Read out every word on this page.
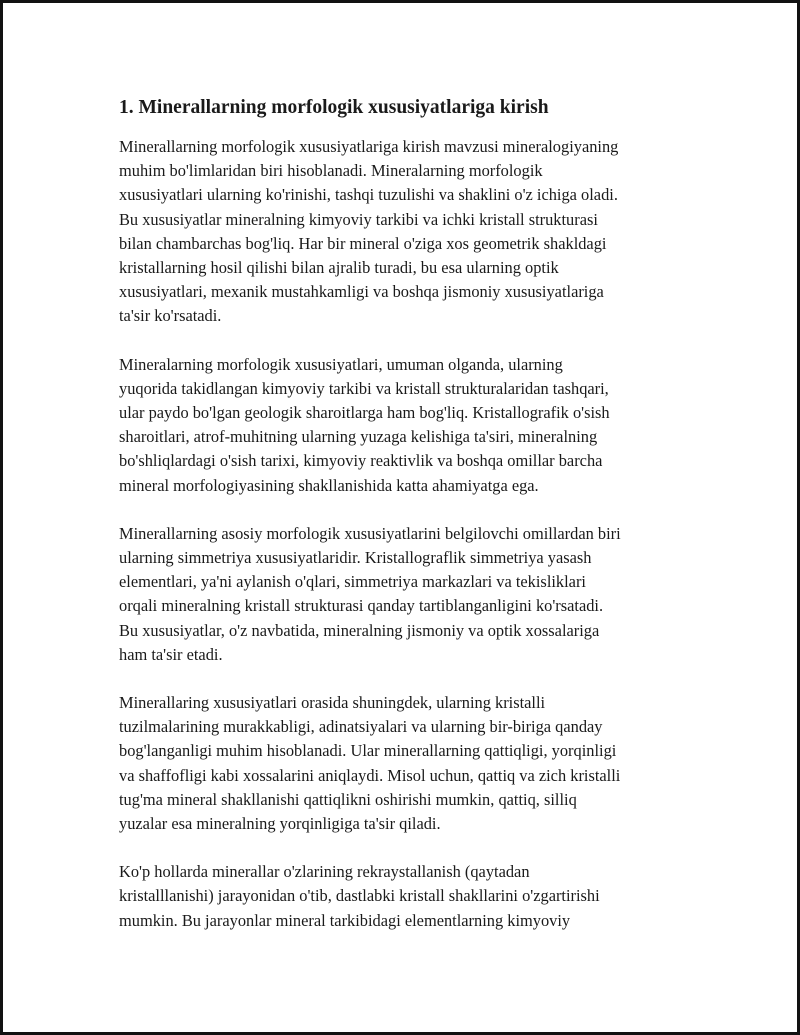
1. Minerallarning morfologik xususiyatlariga kirish

Minerallarning morfologik xususiyatlariga kirish mavzusi mineralogiyaning
muhim bo'limlaridan biri hisoblanadi. Mineralarning morfologik
xususiyatlari ularning ko'rinishi, tashqi tuzulishi va shaklini o'z ichiga oladi.
Bu xususiyatlar mineralning kimyoviy tarkibi va ichki kristall strukturasi
bilan chambarchas bog'liq. Har bir mineral o'ziga xos geometrik shakldagi
kristallarning hosil qilishi bilan ajralib turadi, bu esa ularning optik
xususiyatlari, mexanik mustahkamligi va boshqa jismoniy xususiyatlariga
ta'sir ko'rsatadi.

Mineralarning morfologik xususiyatlari, umuman olganda, ularning
yuqorida takidlangan kimyoviy tarkibi va kristall strukturalaridan tashqari,
ular paydo bo'lgan geologik sharoitlarga ham bog'liq. Kristallografik o'sish
sharoitlari, atrof-muhitning ularning yuzaga kelishiga ta'siri, mineralning
bo'shliqlardagi o'sish tarixi, kimyoviy reaktivlik va boshqa omillar barcha
mineral morfologiyasining shakllanishida katta ahamiyatga ega.

Minerallarning asosiy morfologik xususiyatlarini belgilovchi omillardan biri
ularning simmetriya xususiyatlaridir. Kristallograflik simmetriya yasash
elementlari, ya'ni aylanish o'qlari, simmetriya markazlari va tekisliklari
orqali mineralning kristall strukturasi qanday tartiblanganligini ko'rsatadi.
Bu xususiyatlar, o'z navbatida, mineralning jismoniy va optik xossalariga
ham ta'sir etadi.

Minerallaring xususiyatlari orasida shuningdek, ularning kristalli
tuzilmalarining murakkabligi, adinatsiyalari va ularning bir-biriga qanday
bog'langanligi muhim hisoblanadi. Ular minerallarning qattiqligi, yorqinligi
va shaffofligi kabi xossalarini aniqlaydi. Misol uchun, qattiq va zich kristalli
tug'ma mineral shakllanishi qattiqlikni oshirishi mumkin, qattiq, silliq
yuzalar esa mineralning yorqinligiga ta'sir qiladi.

Ko'p hollarda minerallar o'zlarining rekraystallanish (qaytadan
kristalllanishi) jarayonidan o'tib, dastlabki kristall shakllarini o'zgartirishi
mumkin. Bu jarayonlar mineral tarkibidagi elementlarning kimyoviy
